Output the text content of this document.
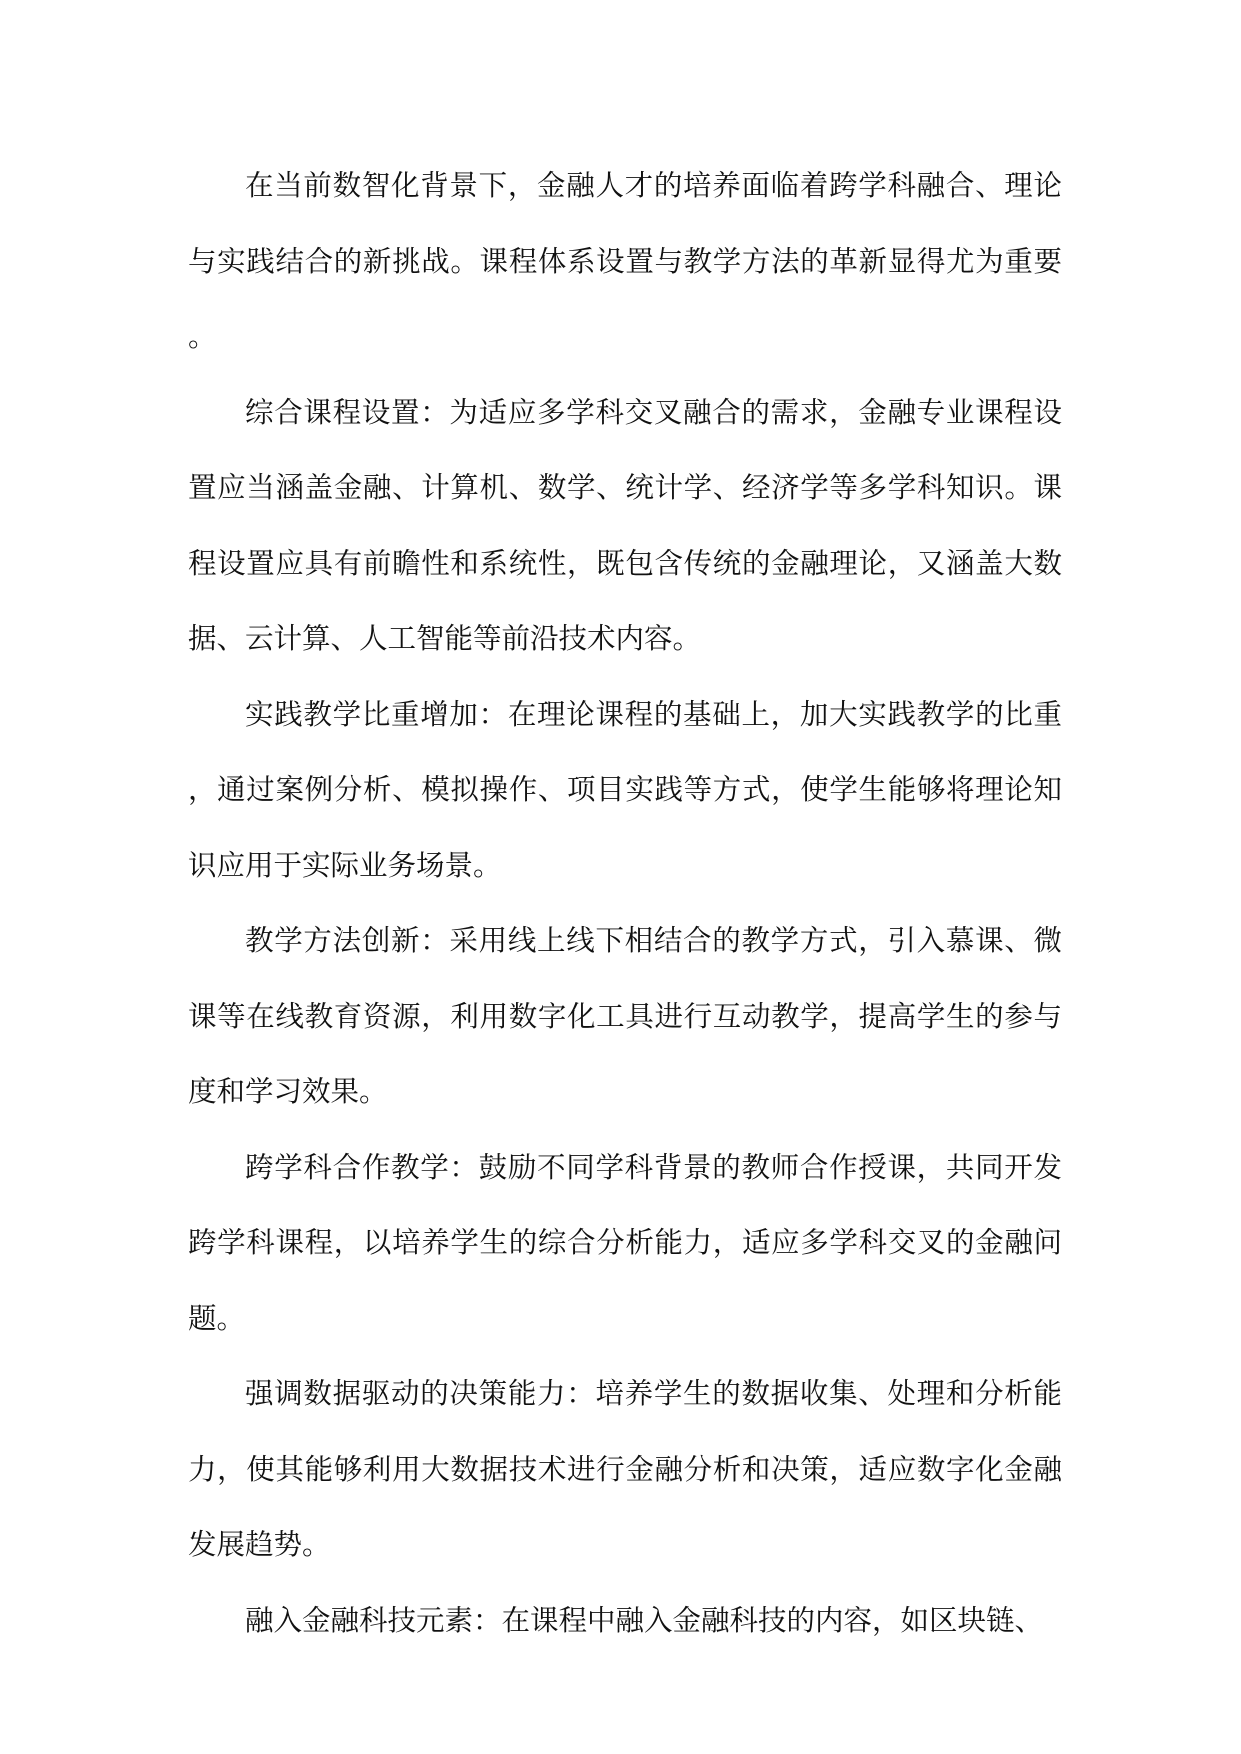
在当前数智化背景下，金融人才的培养面临着跨学科融合、理论与实践结合的新挑战。课程体系设置与教学方法的革新显得尤为重要。

综合课程设置：为适应多学科交叉融合的需求，金融专业课程设置应当涵盖金融、计算机、数学、统计学、经济学等多学科知识。课程设置应具有前瞻性和系统性，既包含传统的金融理论，又涵盖大数据、云计算、人工智能等前沿技术内容。

实践教学比重增加：在理论课程的基础上，加大实践教学的比重，通过案例分析、模拟操作、项目实践等方式，使学生能够将理论知识应用于实际业务场景。

教学方法创新：采用线上线下相结合的教学方式，引入慕课、微课等在线教育资源，利用数字化工具进行互动教学，提高学生的参与度和学习效果。

跨学科合作教学：鼓励不同学科背景的教师合作授课，共同开发跨学科课程，以培养学生的综合分析能力，适应多学科交叉的金融问题。

强调数据驱动的决策能力：培养学生的数据收集、处理和分析能力，使其能够利用大数据技术进行金融分析和决策，适应数字化金融发展趋势。

融入金融科技元素：在课程中融入金融科技的内容，如区块链、
